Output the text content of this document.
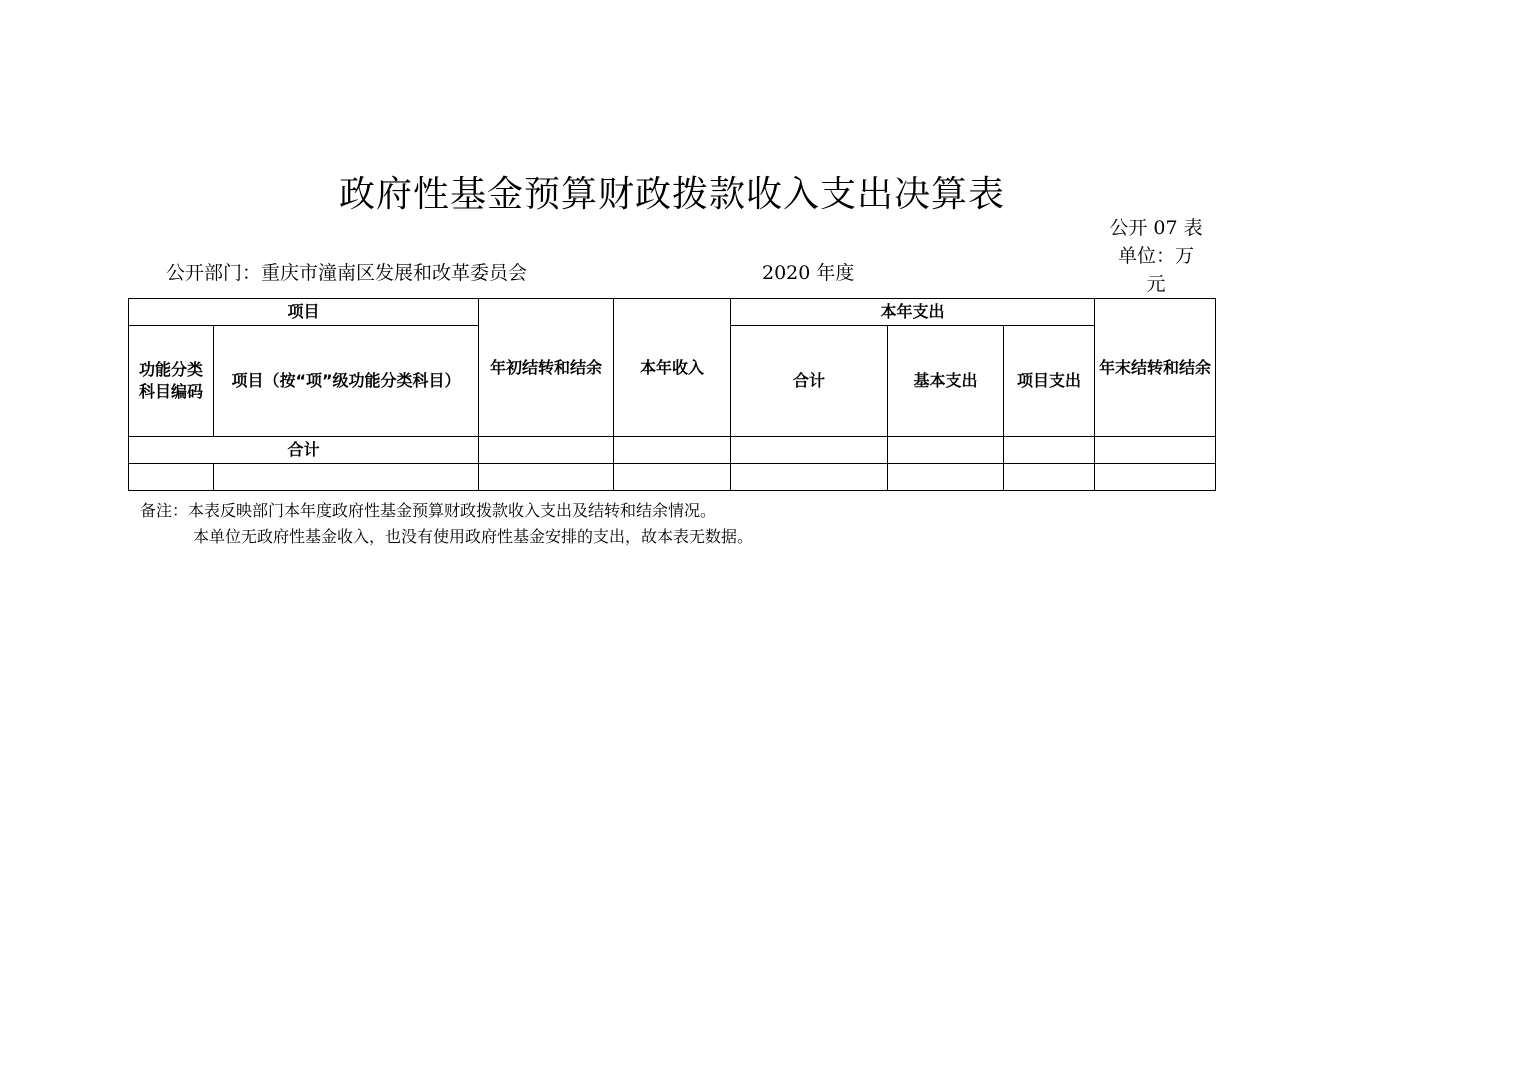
政府性基金预算财政拨款收入支出决算表
公开 07 表
单位：万
元
公开部门：重庆市潼南区发展和改革委员会	2020 年度
项目		年初结转和结余	本年收入	本年支出			年末结转和结余
功能分类科目编码	项目（按“项”级功能分类科目）			合计	基本支出	项目支出	
合计							

备注：本表反映部门本年度政府性基金预算财政拨款收入支出及结转和结余情况。
本单位无政府性基金收入，也没有使用政府性基金安排的支出，故本表无数据。
